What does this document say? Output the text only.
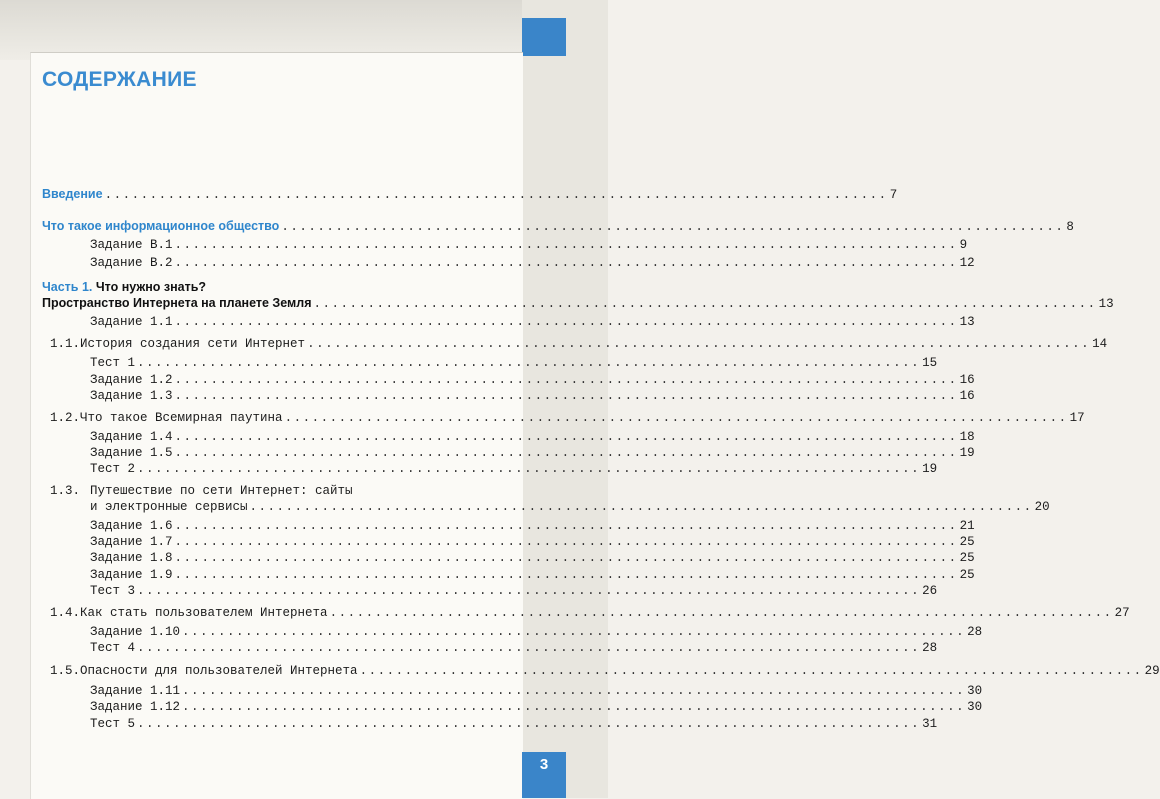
3
СОДЕРЖАНИЕ
Введение ....................................................................................... 7
Что такое информационное общество ....................................................................................... 8
Задание В.1 ....................................................................................... 9
Задание В.2 ....................................................................................... 12
Часть 1. Что нужно знать?
Пространство Интернета на планете Земля ....................................................................................... 13
Задание 1.1 ....................................................................................... 13
1.1. История создания сети Интернет ....................................................................................... 14
Тест 1 ....................................................................................... 15
Задание 1.2 ....................................................................................... 16
Задание 1.3 ....................................................................................... 16
1.2. Что такое Всемирная паутина ....................................................................................... 17
Задание 1.4 ....................................................................................... 18
Задание 1.5 ....................................................................................... 19
Тест 2 ....................................................................................... 19
1.3. Путешествие по сети Интернет: сайты
и электронные сервисы ....................................................................................... 20
Задание 1.6 ....................................................................................... 21
Задание 1.7 ....................................................................................... 25
Задание 1.8 ....................................................................................... 25
Задание 1.9 ....................................................................................... 25
Тест 3 ....................................................................................... 26
1.4. Как стать пользователем Интернета ....................................................................................... 27
Задание 1.10 ....................................................................................... 28
Тест 4 ....................................................................................... 28
1.5. Опасности для пользователей Интернета ....................................................................................... 29
Задание 1.11 ....................................................................................... 30
Задание 1.12 ....................................................................................... 30
Тест 5 ....................................................................................... 31
